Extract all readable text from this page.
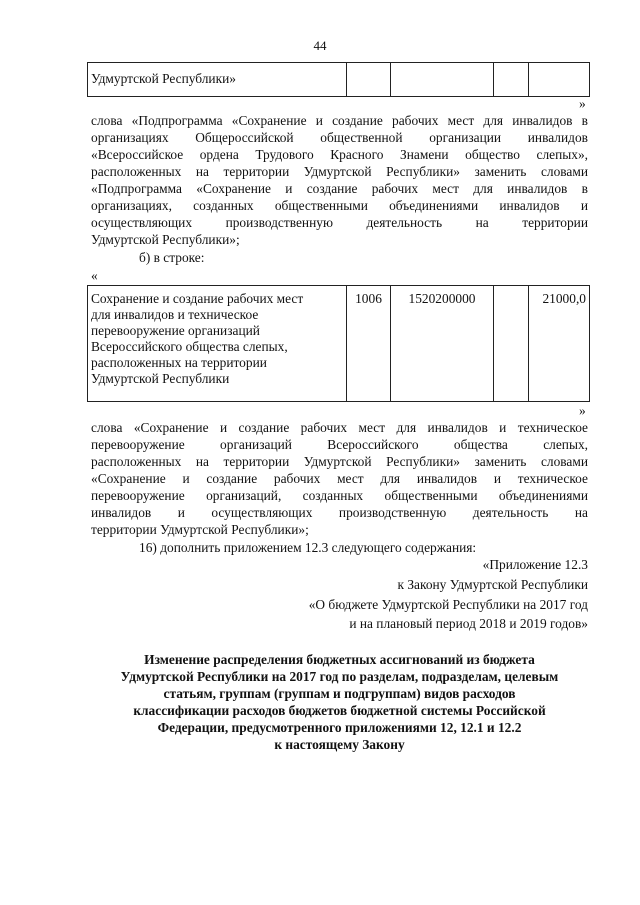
44
Удмуртской Республики»				
»
слова «Подпрограмма «Сохранение и создание рабочих мест для инвалидов в
организациях Общероссийской общественной организации инвалидов
«Всероссийское ордена Трудового Красного Знамени общество слепых»,
расположенных на территории Удмуртской Республики» заменить словами
«Подпрограмма «Сохранение и создание рабочих мест для инвалидов в
организациях, созданных общественными объединениями инвалидов и
осуществляющих производственную деятельность на территории
Удмуртской Республики»;
б) в строке:
«
Сохранение и создание рабочих мест
для инвалидов и техническое
перевооружение организаций
Всероссийского общества слепых,
расположенных на территории
Удмуртской Республики
	1006	1520200000		21000,0
»
слова «Сохранение и создание рабочих мест для инвалидов и техническое
перевооружение организаций Всероссийского общества слепых,
расположенных на территории Удмуртской Республики» заменить словами
«Сохранение и создание рабочих мест для инвалидов и техническое
перевооружение организаций, созданных общественными объединениями
инвалидов и осуществляющих производственную деятельность на
территории Удмуртской Республики»;
16) дополнить приложением 12.3 следующего содержания:
«Приложение 12.3
к Закону Удмуртской Республики
«О бюджете Удмуртской Республики на 2017 год
и на плановый период 2018 и 2019 годов»
Изменение распределения бюджетных ассигнований из бюджета
Удмуртской Республики на 2017 год по разделам, подразделам, целевым
статьям, группам (группам и подгруппам) видов расходов
классификации расходов бюджетов бюджетной системы Российской
Федерации, предусмотренного приложениями 12, 12.1 и 12.2
к настоящему Закону
